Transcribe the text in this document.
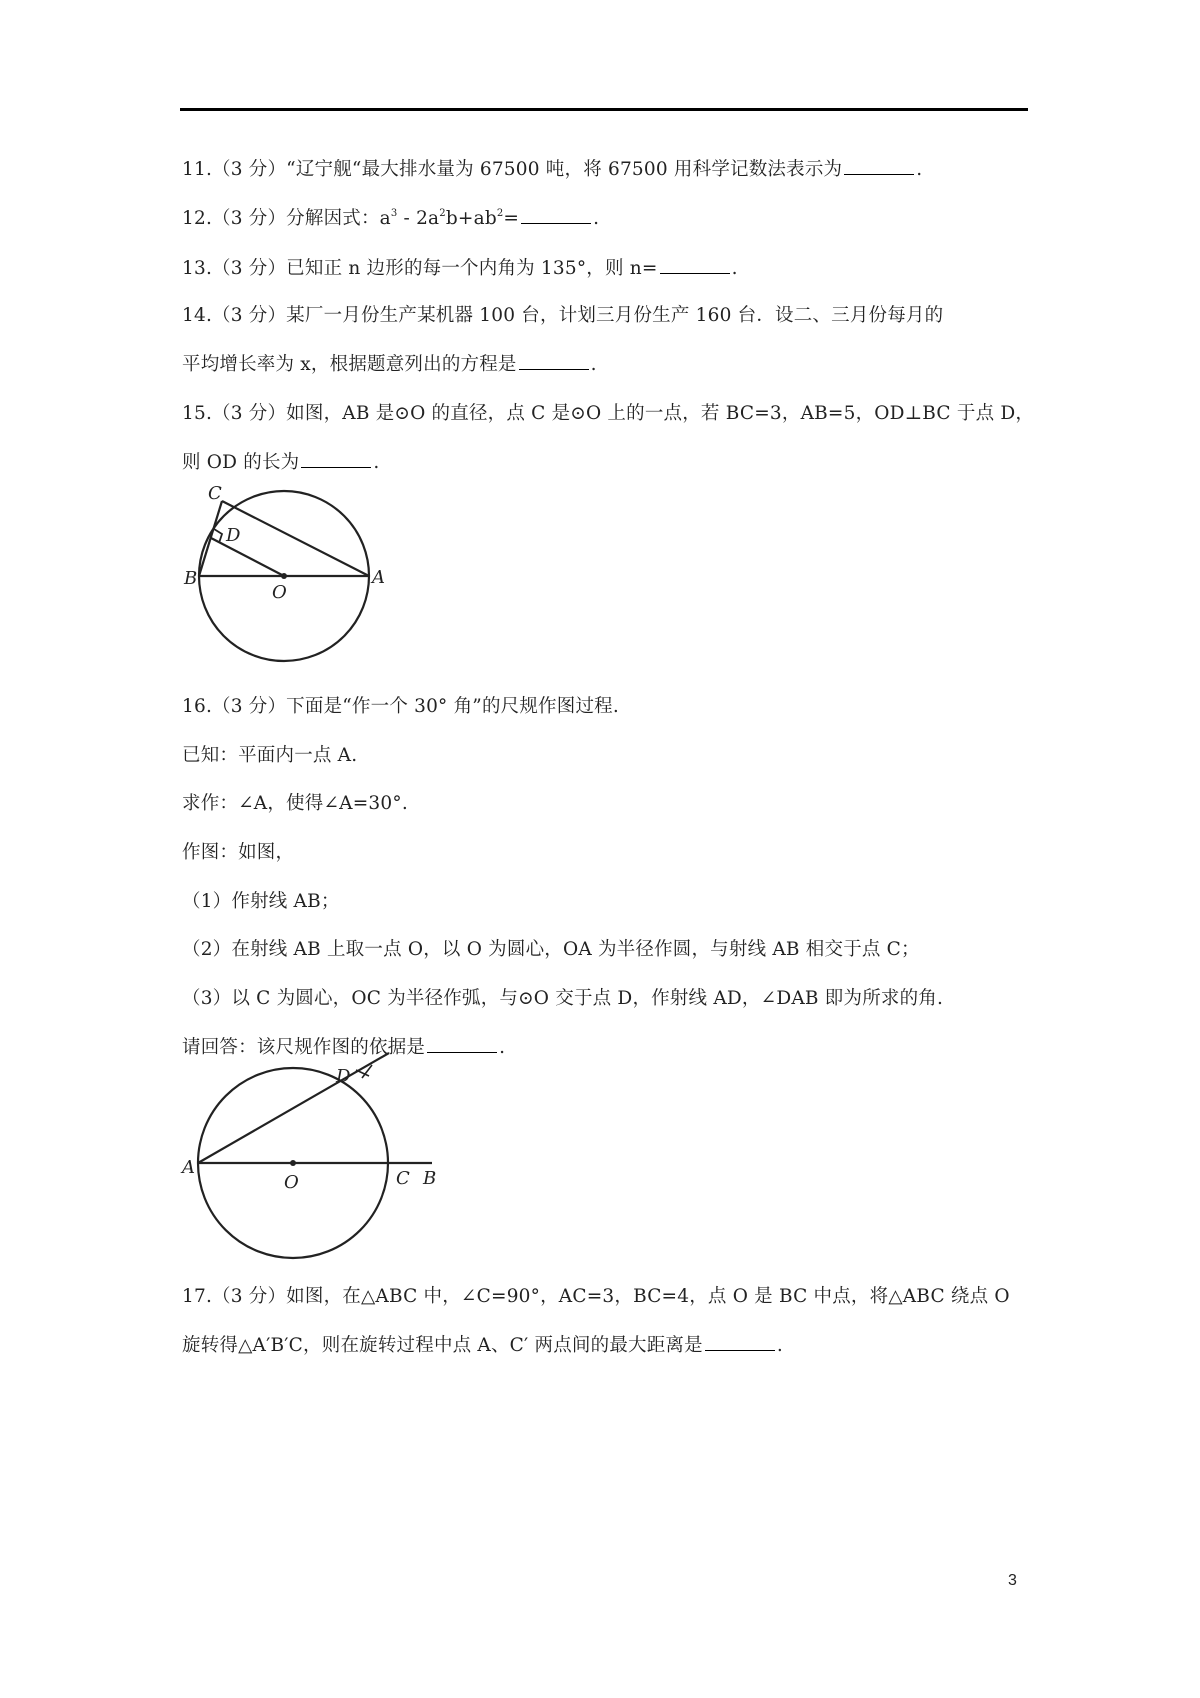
11.（3 分）“辽宁舰“最大排水量为 67500 吨，将 67500 用科学记数法表示为	.
12.（3 分）分解因式：$a^3 - 2a^2b+ab^2=$	.
13.（3 分）已知正 n 边形的每一个内角为 135°，则 n=	.
14.（3 分）某厂一月份生产某机器 100 台，计划三月份生产 160 台．设二、三月份每月的
平均增长率为 x，根据题意列出的方程是	.
15.（3 分）如图，AB 是⊙O 的直径，点 C 是⊙O 上的一点，若 BC=3，AB=5，OD⊥BC 于点 D，
则 OD 的长为	.
C
D
B
O
A
16.（3 分）下面是“作一个 30° 角”的尺规作图过程.
已知：平面内一点 A.
求作：∠A，使得∠A=30°.
作图：如图，
（1）作射线 AB；
（2）在射线 AB 上取一点 O，以 O 为圆心，OA 为半径作圆，与射线 AB 相交于点 C；
（3）以 C 为圆心，OC 为半径作弧，与⊙O 交于点 D，作射线 AD，∠DAB 即为所求的角.
请回答：该尺规作图的依据是	.
D
A
O	C B
17.（3 分）如图，在△ABC 中，∠C=90°，AC=3，BC=4，点 O 是 BC 中点，将△ABC 绕点 O
旋转得△A′B′C，则在旋转过程中点 A、C′ 两点间的最大距离是	.
3
